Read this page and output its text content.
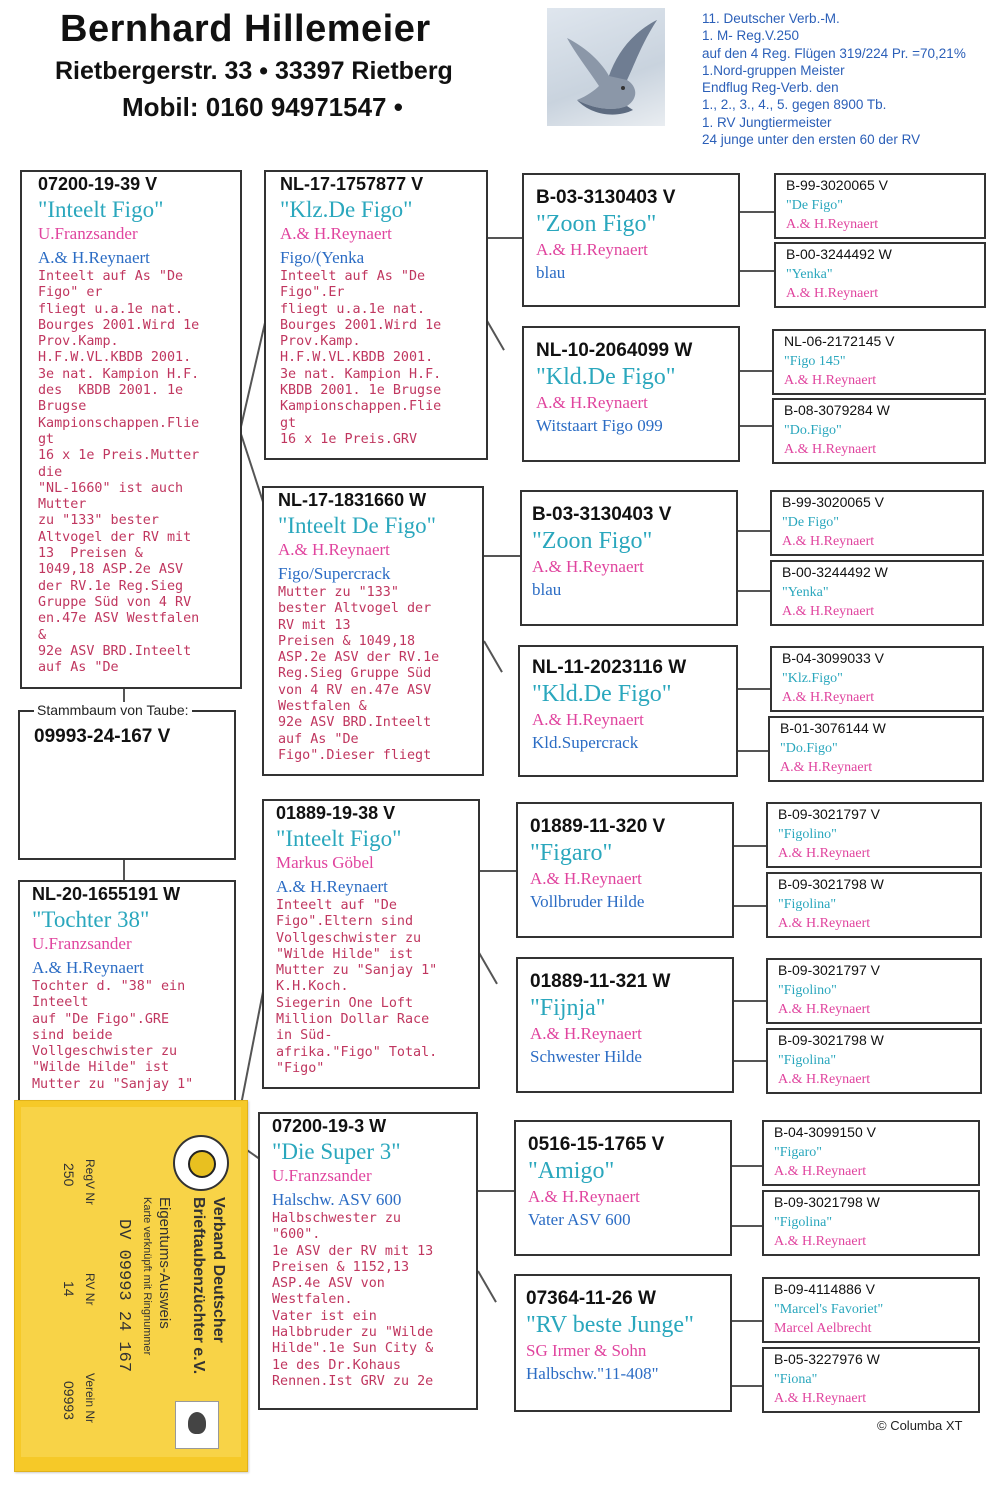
Bernhard Hillemeier
Rietbergerstr. 33 • 33397 Rietberg
Mobil: 0160 94971547 •
11. Deutscher Verb.-M.
1. M- Reg.V.250
auf den 4 Reg. Flügen 319/224 Pr. =70,21%
1.Nord-gruppen Meister
Endflug Reg-Verb. den
1., 2., 3., 4., 5. gegen 8900 Tb.
1. RV Jungtiermeister
24 junge unter den ersten 60 der RV
07200-19-39 V
"Inteelt Figo"
U.Franzsander
A.& H.Reynaert
Inteelt auf As "De
Figo" er
fliegt u.a.1e nat.
Bourges 2001.Wird 1e
Prov.Kamp.
H.F.W.VL.KBDB 2001.
3e nat. Kampion H.F.
des  KBDB 2001. 1e
Brugse
Kampionschappen.Flie
gt
16 x 1e Preis.Mutter
die
"NL-1660" ist auch
Mutter
zu "133" bester
Altvogel der RV mit
13  Preisen &
1049,18 ASP.2e ASV
der RV.1e Reg.Sieg
Gruppe Süd von 4 RV
en.47e ASV Westfalen
&
92e ASV BRD.Inteelt
auf As "De
09993-24-167 V
Stammbaum von Taube:
NL-20-1655191 W
"Tochter 38"
U.Franzsander
A.& H.Reynaert
Tochter d. "38" ein
Inteelt
auf "De Figo".GRE
sind beide
Vollgeschwister zu
"Wilde Hilde" ist
Mutter zu "Sanjay 1"
NL-17-1757877 V
"Klz.De Figo"
A.& H.Reynaert
Figo/(Yenka
Inteelt auf As "De
Figo".Er
fliegt u.a.1e nat.
Bourges 2001.Wird 1e
Prov.Kamp.
H.F.W.VL.KBDB 2001.
3e nat. Kampion H.F.
KBDB 2001. 1e Brugse
Kampionschappen.Flie
gt
16 x 1e Preis.GRV
NL-17-1831660 W
"Inteelt De Figo"
A.& H.Reynaert
Figo/Supercrack
Mutter zu "133"
bester Altvogel der
RV mit 13
Preisen & 1049,18
ASP.2e ASV der RV.1e
Reg.Sieg Gruppe Süd
von 4 RV en.47e ASV
Westfalen &
92e ASV BRD.Inteelt
auf As "De
Figo".Dieser fliegt
01889-19-38 V
"Inteelt Figo"
Markus Göbel
A.& H.Reynaert
Inteelt auf "De
Figo".Eltern sind
Vollgeschwister zu
"Wilde Hilde" ist
Mutter zu "Sanjay 1"
K.H.Koch.
Siegerin One Loft
Million Dollar Race
in Süd-
afrika."Figo" Total.
"Figo"
07200-19-3 W
"Die Super 3"
U.Franzsander
Halschw. ASV 600
Halbschwester zu
"600".
1e ASV der RV mit 13
Preisen & 1152,13
ASP.4e ASV von
Westfalen.
Vater ist ein
Halbbruder zu "Wilde
Hilde".1e Sun City &
1e des Dr.Kohaus
Rennen.Ist GRV zu 2e
B-03-3130403 V
"Zoon Figo"
A.& H.Reynaert
blau
NL-10-2064099 W
"Kld.De Figo"
A.& H.Reynaert
Witstaart Figo 099
B-03-3130403 V
"Zoon Figo"
A.& H.Reynaert
blau
NL-11-2023116 W
"Kld.De Figo"
A.& H.Reynaert
Kld.Supercrack
01889-11-320 V
"Figaro"
A.& H.Reynaert
Vollbruder Hilde
01889-11-321 W
"Fijnja"
A.& H.Reynaert
Schwester Hilde
0516-15-1765 V
"Amigo"
A.& H.Reynaert
Vater ASV 600
07364-11-26 W
"RV beste Junge"
SG Irmer & Sohn
Halbschw."11-408"
B-99-3020065 V
"De Figo"
A.& H.Reynaert
B-00-3244492 W
"Yenka"
A.& H.Reynaert
NL-06-2172145 V
"Figo 145"
A.& H.Reynaert
B-08-3079284 W
"Do.Figo"
A.& H.Reynaert
B-99-3020065 V
"De Figo"
A.& H.Reynaert
B-00-3244492 W
"Yenka"
A.& H.Reynaert
B-04-3099033 V
"Klz.Figo"
A.& H.Reynaert
B-01-3076144 W
"Do.Figo"
A.& H.Reynaert
B-09-3021797 V
"Figolino"
A.& H.Reynaert
B-09-3021798 W
"Figolina"
A.& H.Reynaert
B-09-3021797 V
"Figolino"
A.& H.Reynaert
B-09-3021798 W
"Figolina"
A.& H.Reynaert
B-04-3099150 V
"Figaro"
A.& H.Reynaert
B-09-3021798 W
"Figolina"
A.& H.Reynaert
B-09-4114886 V
"Marcel's Favoriet"
Marcel Aelbrecht
B-05-3227976 W
"Fiona"
A.& H.Reynaert
© Columba XT
Verband Deutscher
Brieftaubenzüchter e.V.
Eigentums-Ausweis
Karte verknüpft mit Ringnummer
DV 09993 24 167
RegV Nr
250
RV Nr
14
Verein Nr
09993
